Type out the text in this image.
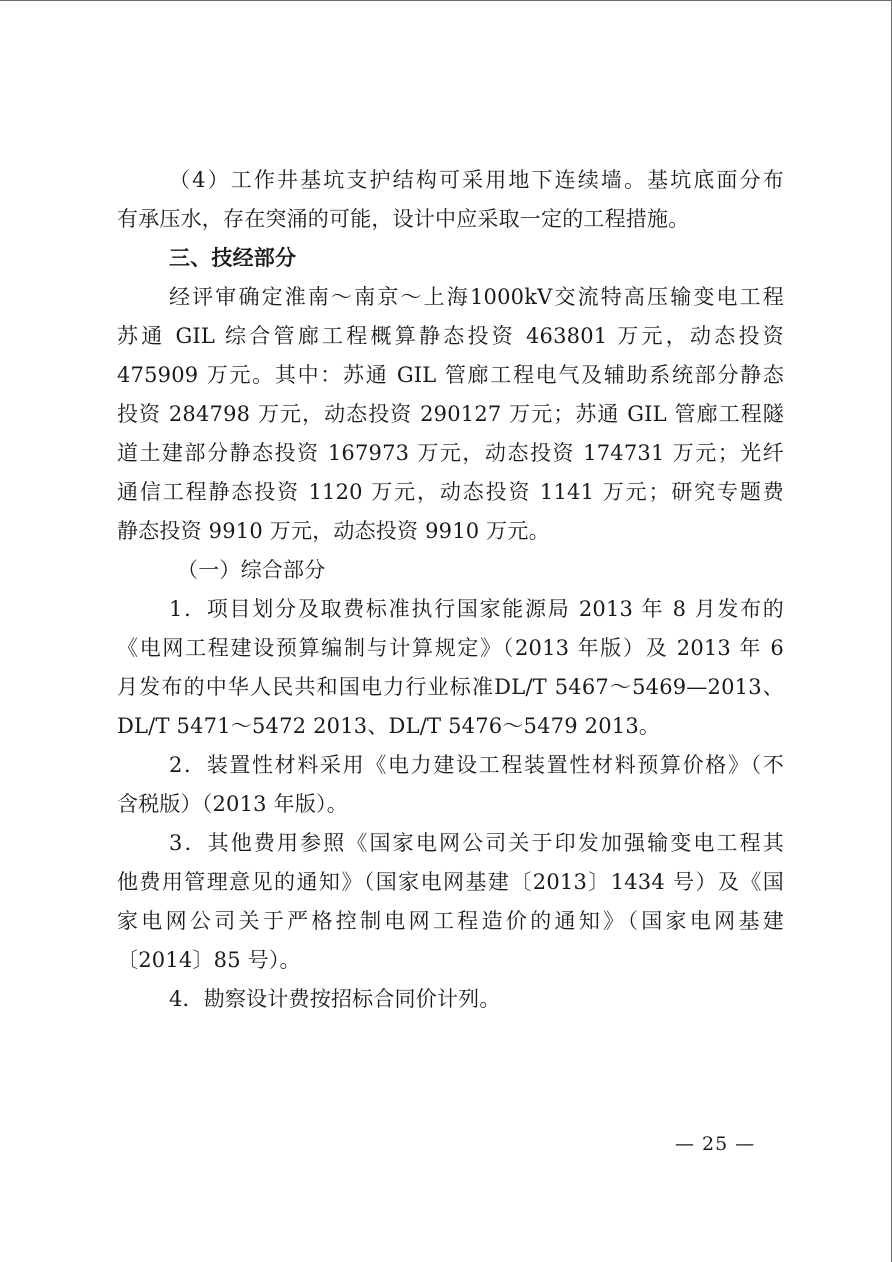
（4）工作井基坑支护结构可采用地下连续墙。基坑底面分布
有承压水，存在突涌的可能，设计中应采取一定的工程措施。
三、技经部分
经评审确定淮南～南京～上海1000kV交流特高压输变电工程
苏通 GIL 综合管廊工程概算静态投资 463801 万元，动态投资
475909 万元。其中：苏通 GIL 管廊工程电气及辅助系统部分静态
投资 284798 万元，动态投资 290127 万元；苏通 GIL 管廊工程隧
道土建部分静态投资 167973 万元，动态投资 174731 万元；光纤
通信工程静态投资 1120 万元，动态投资 1141 万元；研究专题费
静态投资 9910 万元，动态投资 9910 万元。
（一）综合部分
1．项目划分及取费标准执行国家能源局 2013 年 8 月发布的
《电网工程建设预算编制与计算规定》（2013 年版）及 2013 年 6
月发布的中华人民共和国电力行业标准DL/T 5467～5469—2013、
DL/T 5471～5472 2013、DL/T 5476～5479 2013。
2．装置性材料采用《电力建设工程装置性材料预算价格》（不
含税版）（2013 年版）。
3．其他费用参照《国家电网公司关于印发加强输变电工程其
他费用管理意见的通知》（国家电网基建〔2013〕1434 号）及《国
家电网公司关于严格控制电网工程造价的通知》（国家电网基建
〔2014〕85 号）。
4．勘察设计费按招标合同价计列。
— 25 —
